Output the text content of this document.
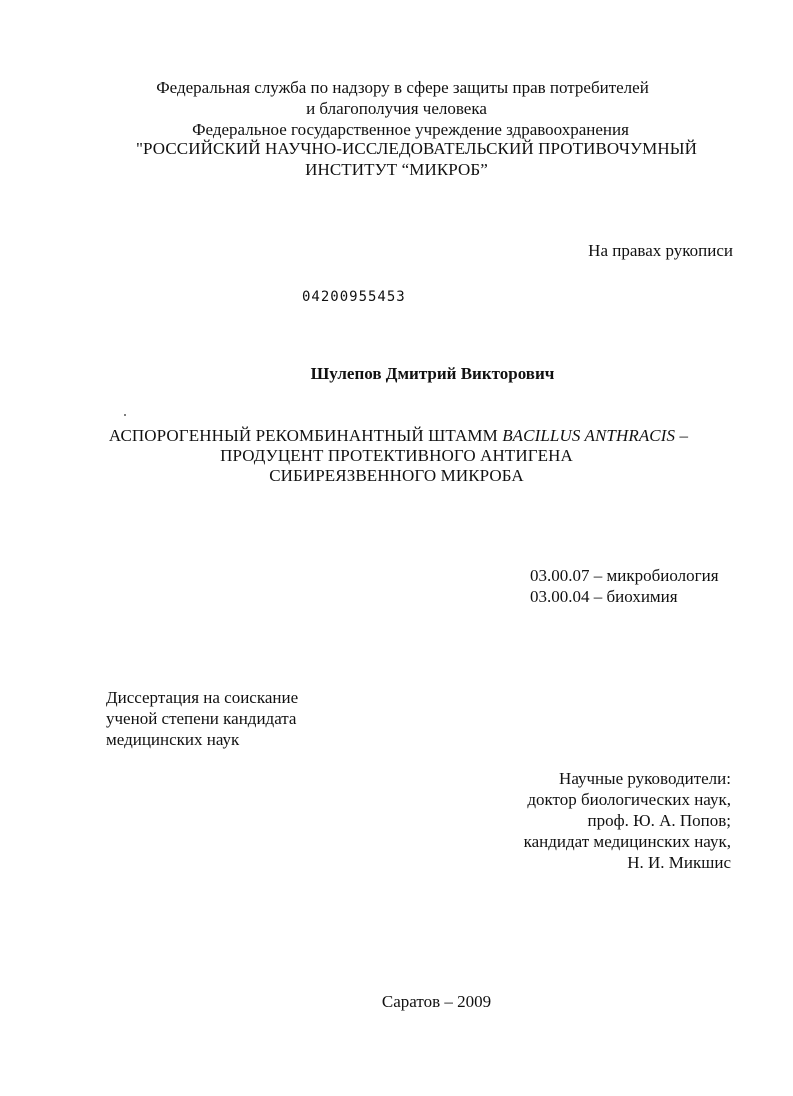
Федеральная служба по надзору в сфере защиты прав потребителей
и благополучия человека
Федеральное государственное учреждение здравоохранения
"РОССИЙСКИЙ НАУЧНО-ИССЛЕДОВАТЕЛЬСКИЙ ПРОТИВОЧУМНЫЙ
ИНСТИТУТ “МИКРОБ”
На правах рукописи
04200955453
Шулепов Дмитрий Викторович
АСПОРОГЕННЫЙ РЕКОМБИНАНТНЫЙ ШТАММ BACILLUS ANTHRACIS –
ПРОДУЦЕНТ ПРОТЕКТИВНОГО АНТИГЕНА
СИБИРЕЯЗВЕННОГО МИКРОБА
03.00.07 – микробиология
03.00.04 – биохимия
Диссертация на соискание
ученой степени кандидата
медицинских наук
Научные руководители:
доктор биологических наук,
проф. Ю. А. Попов;
кандидат медицинских наук,
Н. И. Микшис
Саратов – 2009
